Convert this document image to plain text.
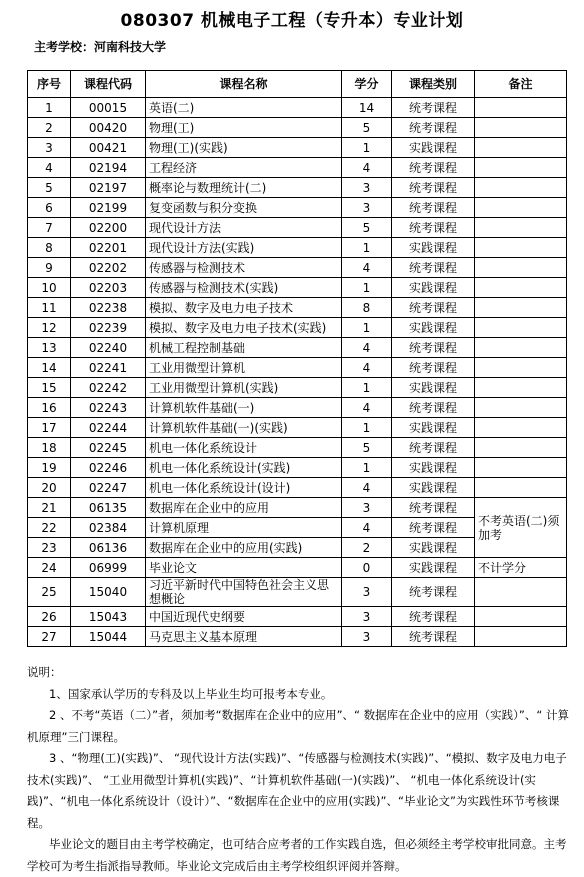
080307 机械电子工程（专升本）专业计划
主考学校：河南科技大学
序号	课程代码	课程名称	学分	课程类别	备注
1	00015	英语(二)	14	统考课程	
2	00420	物理(工)	5	统考课程	
3	00421	物理(工)(实践)	1	实践课程	
4	02194	工程经济	4	统考课程	
5	02197	概率论与数理统计(二)	3	统考课程	
6	02199	复变函数与积分变换	3	统考课程	
7	02200	现代设计方法	5	统考课程	
8	02201	现代设计方法(实践)	1	实践课程	
9	02202	传感器与检测技术	4	统考课程	
10	02203	传感器与检测技术(实践)	1	实践课程	
11	02238	模拟、数字及电力电子技术	8	统考课程	
12	02239	模拟、数字及电力电子技术(实践)	1	实践课程	
13	02240	机械工程控制基础	4	统考课程	
14	02241	工业用微型计算机	4	统考课程	
15	02242	工业用微型计算机(实践)	1	实践课程	
16	02243	计算机软件基础(一)	4	统考课程	
17	02244	计算机软件基础(一)(实践)	1	实践课程	
18	02245	机电一体化系统设计	5	统考课程	
19	02246	机电一体化系统设计(实践)	1	实践课程	
20	02247	机电一体化系统设计(设计)	4	实践课程	
21	06135	数据库在企业中的应用	3	统考课程	不考英语(二)须加考
22	02384	计算机原理	4	统考课程	
23	06136	数据库在企业中的应用(实践)	2	实践课程	
24	06999	毕业论文	0	实践课程	不计学分
25	15040	习近平新时代中国特色社会主义思想概论	3	统考课程	
26	15043	中国近现代史纲要	3	统考课程	
27	15044	马克思主义基本原理	3	统考课程	

说明：

1、国家承认学历的专科及以上毕业生均可报考本专业。

2 、不考“英语（二）”者，须加考“数据库在企业中的应用”、“ 数据库在企业中的应用（实践）”、“ 计算机原理”三门课程。

3 、“物理(工)(实践)”、 “现代设计方法(实践)”、“传感器与检测技术(实践)”、“模拟、数字及电力电子技术(实践)”、 “工业用微型计算机(实践)”、“计算机软件基础(一)(实践)”、 “机电一体化系统设计(实践)”、“机电一体化系统设计（设计）”、“数据库在企业中的应用(实践)”、“毕业论文”为实践性环节考核课程。

毕业论文的题目由主考学校确定，也可结合应考者的工作实践自选，但必须经主考学校审批同意。主考学校可为考生指派指导教师。毕业论文完成后由主考学校组织评阅并答辩。
